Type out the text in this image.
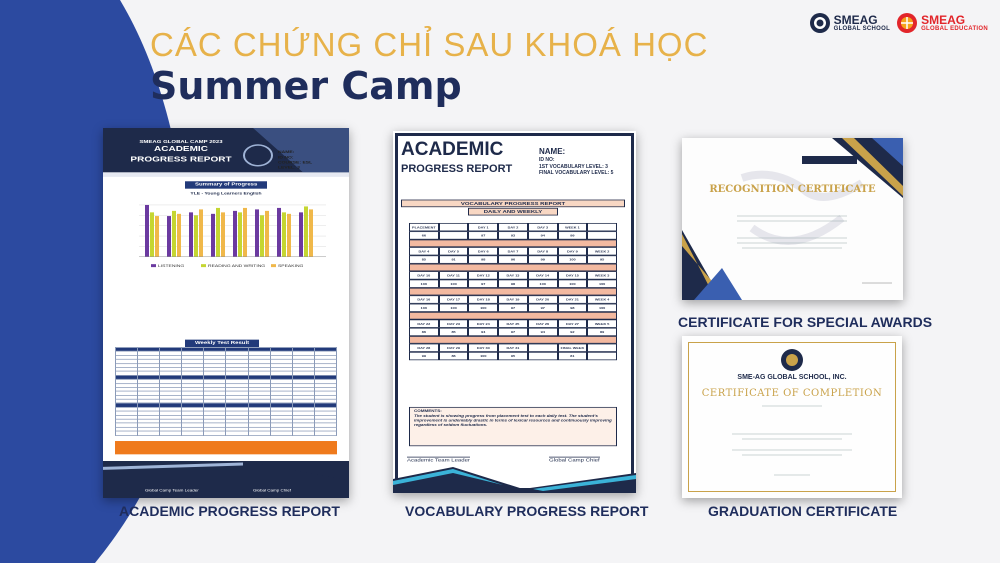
CÁC CHỨNG CHỈ SAU KHOÁ HỌC
Summer Camp
SMEAG
GLOBAL SCHOOL
SMEAG
GLOBAL EDUCATION
SMEAG GLOBAL CAMP 2023
ACADEMIC
PROGRESS REPORT
NAME:
ID NO:
COURSE: ESL
LEVEL: 3
Summary of Progress
YLE - Young Learners English
LISTENING	READING AND WRITING	SPEAKING
Weekly Test Result

Global Camp Team Leader	Global Camp Chief
ACADEMIC PROGRESS REPORT
ACADEMIC
PROGRESS REPORT
NAME:
ID NO:
1ST VOCABULARY LEVEL: 3
FINAL VOCABULARY LEVEL: 5
VOCABULARY PROGRESS REPORT
DAILY AND WEEKLY
PLACEMENT	DAY 1	DAY 2	DAY 3	WEEK 1
66	97	93	94	99
DAY 4	DAY 5	DAY 6	DAY 7	DAY 8	DAY 9	WEEK 2
85	91	98	96	99	100	95
DAY 10	DAY 11	DAY 12	DAY 13	DAY 14	DAY 15	WEEK 3
100	100	97	98	100	100	100
DAY 16	DAY 17	DAY 18	DAY 19	DAY 20	DAY 21	WEEK 4
100	100	100	97	97	98	100
DAY 22	DAY 23	DAY 24	DAY 25	DAY 26	DAY 27	WEEK 5
86	85	94	97	94	92	89
DAY 28	DAY 29	DAY 30	DAY 31	FINAL WEEK
99	86	100	95	81
COMMENTS:
The student is showing progress from placement test to each daily test. The student's improvement is undeniably drastic in terms of lexical resources and continuously improving regardless of seldom fluctuations.
Academic Team Leader	Global Camp Chief
VOCABULARY PROGRESS REPORT
RECOGNITION CERTIFICATE
CERTIFICATE FOR SPECIAL AWARDS
SME-AG GLOBAL SCHOOL, INC.
CERTIFICATE OF COMPLETION
GRADUATION CERTIFICATE
